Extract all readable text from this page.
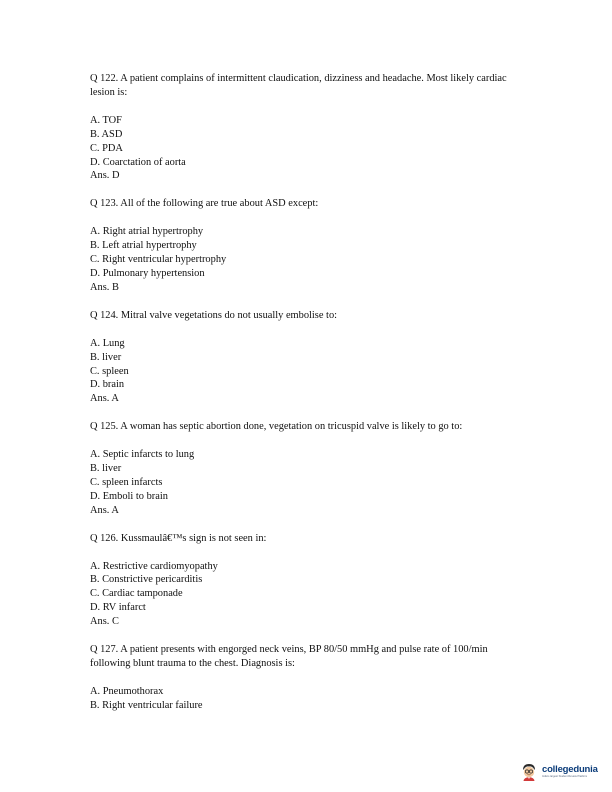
Q 122. A patient complains of intermittent claudication, dizziness and headache. Most likely cardiac lesion is:

A. TOF
B. ASD
C. PDA
D. Coarctation of aorta

Ans. D

Q 123. All of the following are true about ASD except:

A. Right atrial hypertrophy
B. Left atrial hypertrophy
C. Right ventricular hypertrophy
D. Pulmonary hypertension

Ans. B

Q 124. Mitral valve vegetations do not usually embolise to:

A. Lung
B. liver
C. spleen
D. brain

Ans. A

Q 125. A woman has septic abortion done, vegetation on tricuspid valve is likely to go to:

A. Septic infarcts to lung
B. liver
C. spleen infarcts
D. Emboli to brain

Ans. A

Q 126. Kussmaulâ€™s sign is not seen in:

A. Restrictive cardiomyopathy
B. Constrictive pericarditis
C. Cardiac tamponade
D. RV infarct

Ans. C

Q 127. A patient presents with engorged neck veins, BP 80/50 mmHg and pulse rate of 100/min following blunt trauma to the chest. Diagnosis is:

A. Pneumothorax
B. Right ventricular failure
collegedunia
India's largest Student Review Platform
